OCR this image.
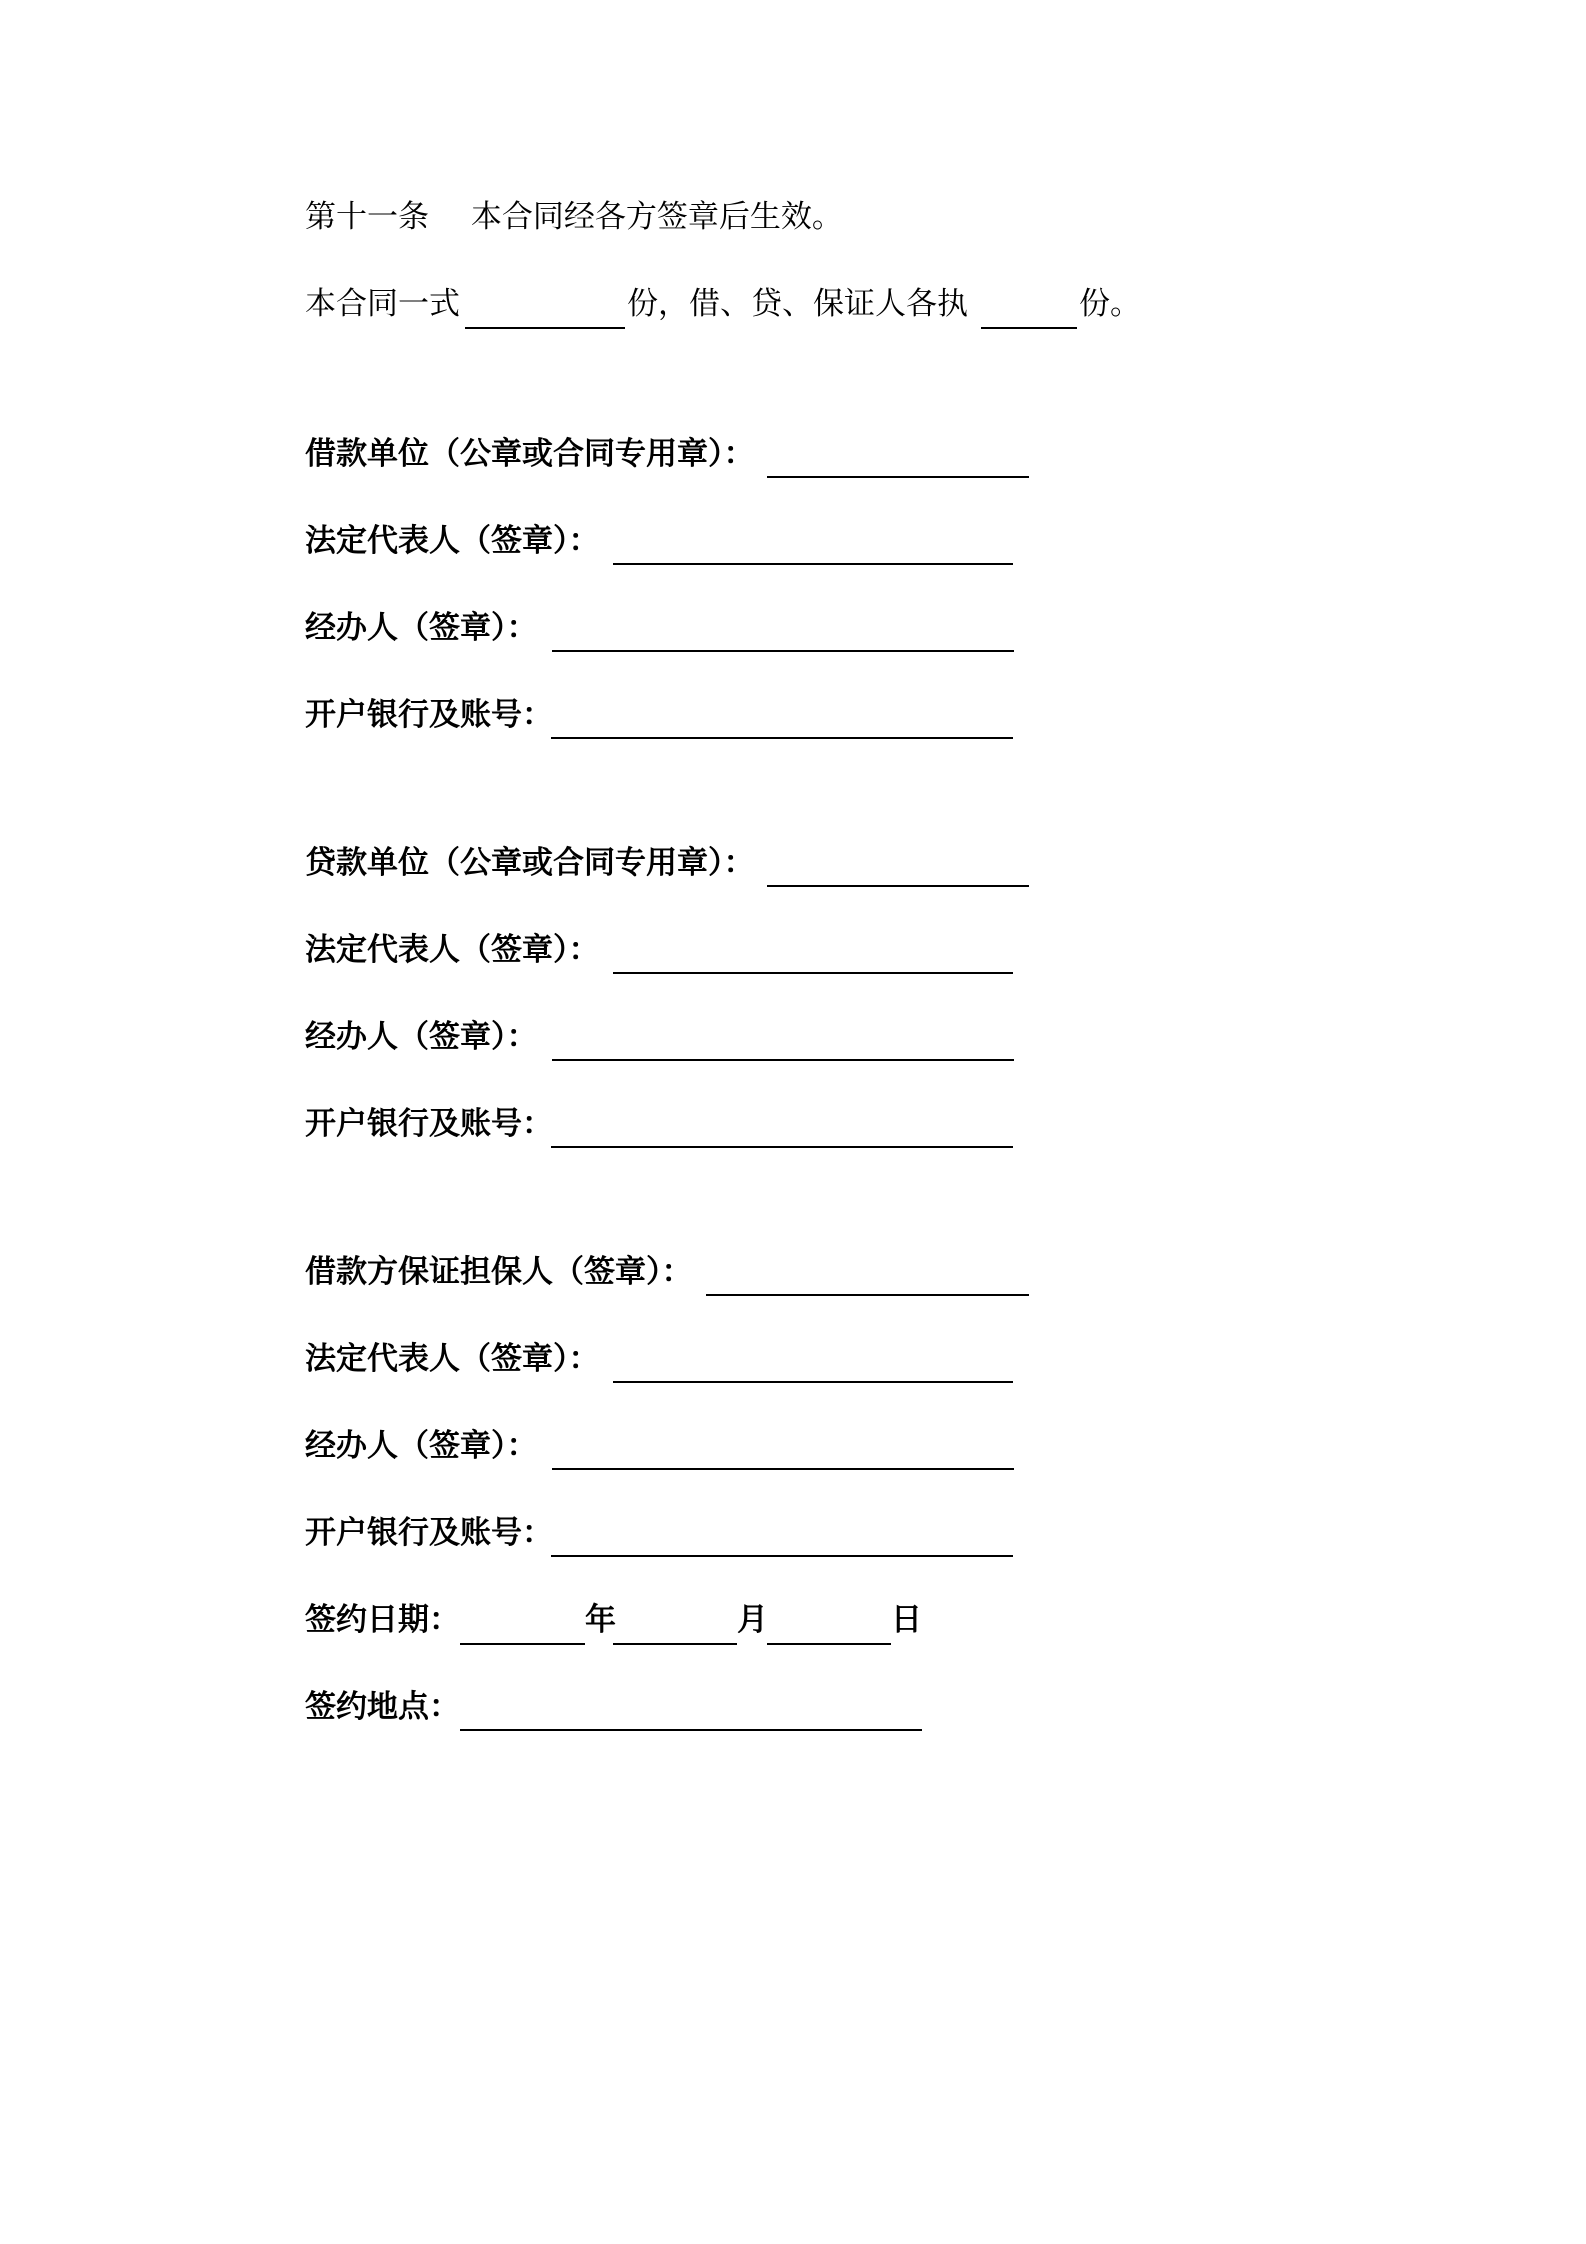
第十一条 本合同经各方签章后生效。
本合同一式	份，借、贷、保证人各执	份。
借款单位（公章或合同专用章）：
法定代表人（签章）：
经办人（签章）：
开户银行及账号：
贷款单位（公章或合同专用章）：
法定代表人（签章）：
经办人（签章）：
开户银行及账号：
借款方保证担保人（签章）：
法定代表人（签章）：
经办人（签章）：
开户银行及账号：
签约日期：	年	月	日
签约地点：
